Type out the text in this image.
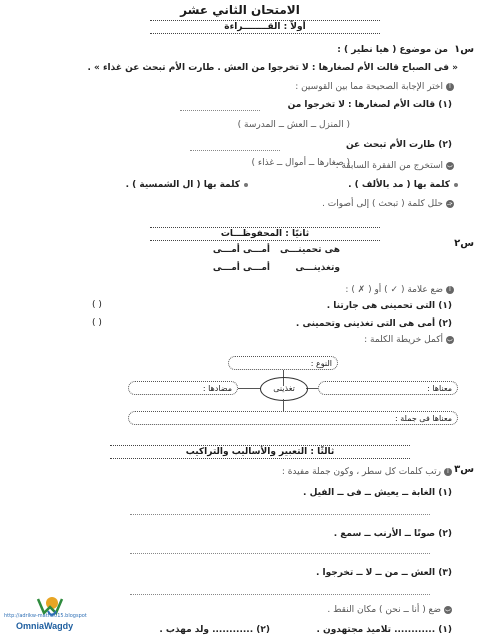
الامتحان الثاني عشر
أولاً : القــــــــراءة
س١
من موضوع ( هيا نطير ) :
« فى الصباح قالت الأم لصغارها : لا تخرجوا من العش . طارت الأم تبحث عن غذاء » .
أاختر الإجابة الصحيحة مما بين القوسين :
(١) قالت الأم لصغارها : لا تخرجوا من
( المنزل ــ العش ــ المدرسة )
(٢) طارت الأم تبحث عن
( صغارها ــ أموال ــ غذاء )	باستخرج من الفقرة السابقة :
كلمة بها ( مد بالألف ) .
كلمة بها ( ال الشمسية ) .
جـحلل كلمة ( تبحث ) إلى أصوات .
ثانيًا : المحفوظـــات
س٢
هى تحمينـــى
أمـــى أمـــى
وتغذينـــى
أمـــى أمـــى
أضع علامة ( ✓ ) أو ( ✗ ) :
(١) التى تحمينى هى جارتنا .
( )
(٢) أمى هى التى تغذينى وتحمينى .
( )
بأكمل خريطة الكلمة :
النوع :
معناها :
مضادها :	تغذينى
معناها فى جملة :
ثالثًا : التعبير والأساليب والتراكيب
س٣
أرتب كلمات كل سطر ، وكون جملة مفيدة :
(١) الغابة ــ يعيش ــ فى ــ الفيل .
(٢) صوتًا ــ الأرنب ــ سمع .
(٣) العش ــ من ــ لا ــ تخرجوا .
بضع ( أنا ــ نحن ) مكان النقط .
(١) ............ تلاميذ مجتهدون .
(٢) ............ ولد مهذب .
http://adrikw-math2015.blogspot
OmniaWagdy
